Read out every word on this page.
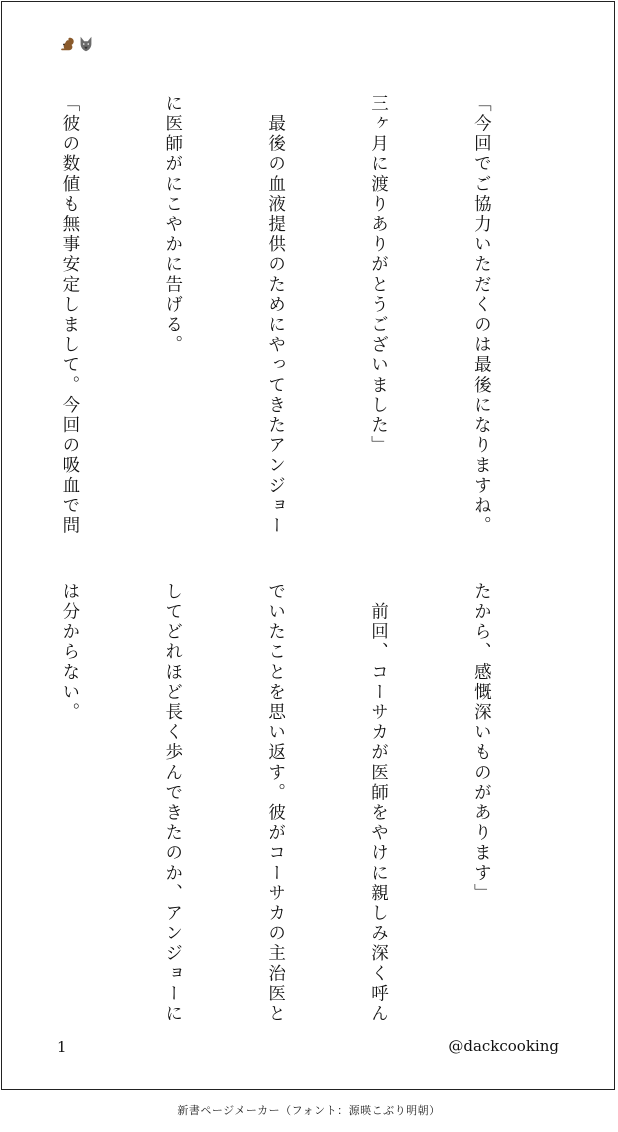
「今回でご協力いただくのは最後になりますね。

三ヶ月に渡りありがとうございました」

　最後の血液提供のためにやってきたアンジョー

に医師がにこやかに告げる。

「彼の数値も無事安定しまして。今回の吸血で問

たから、感慨深いものがあります」

　前回、コーサカが医師をやけに親しみ深く呼ん

でいたことを思い返す。彼がコーサカの主治医と

してどれほど長く歩んできたのか、アンジョーに

は分からない。

1	@dackcooking
新書ページメーカー（フォント：源暎こぶり明朝）
